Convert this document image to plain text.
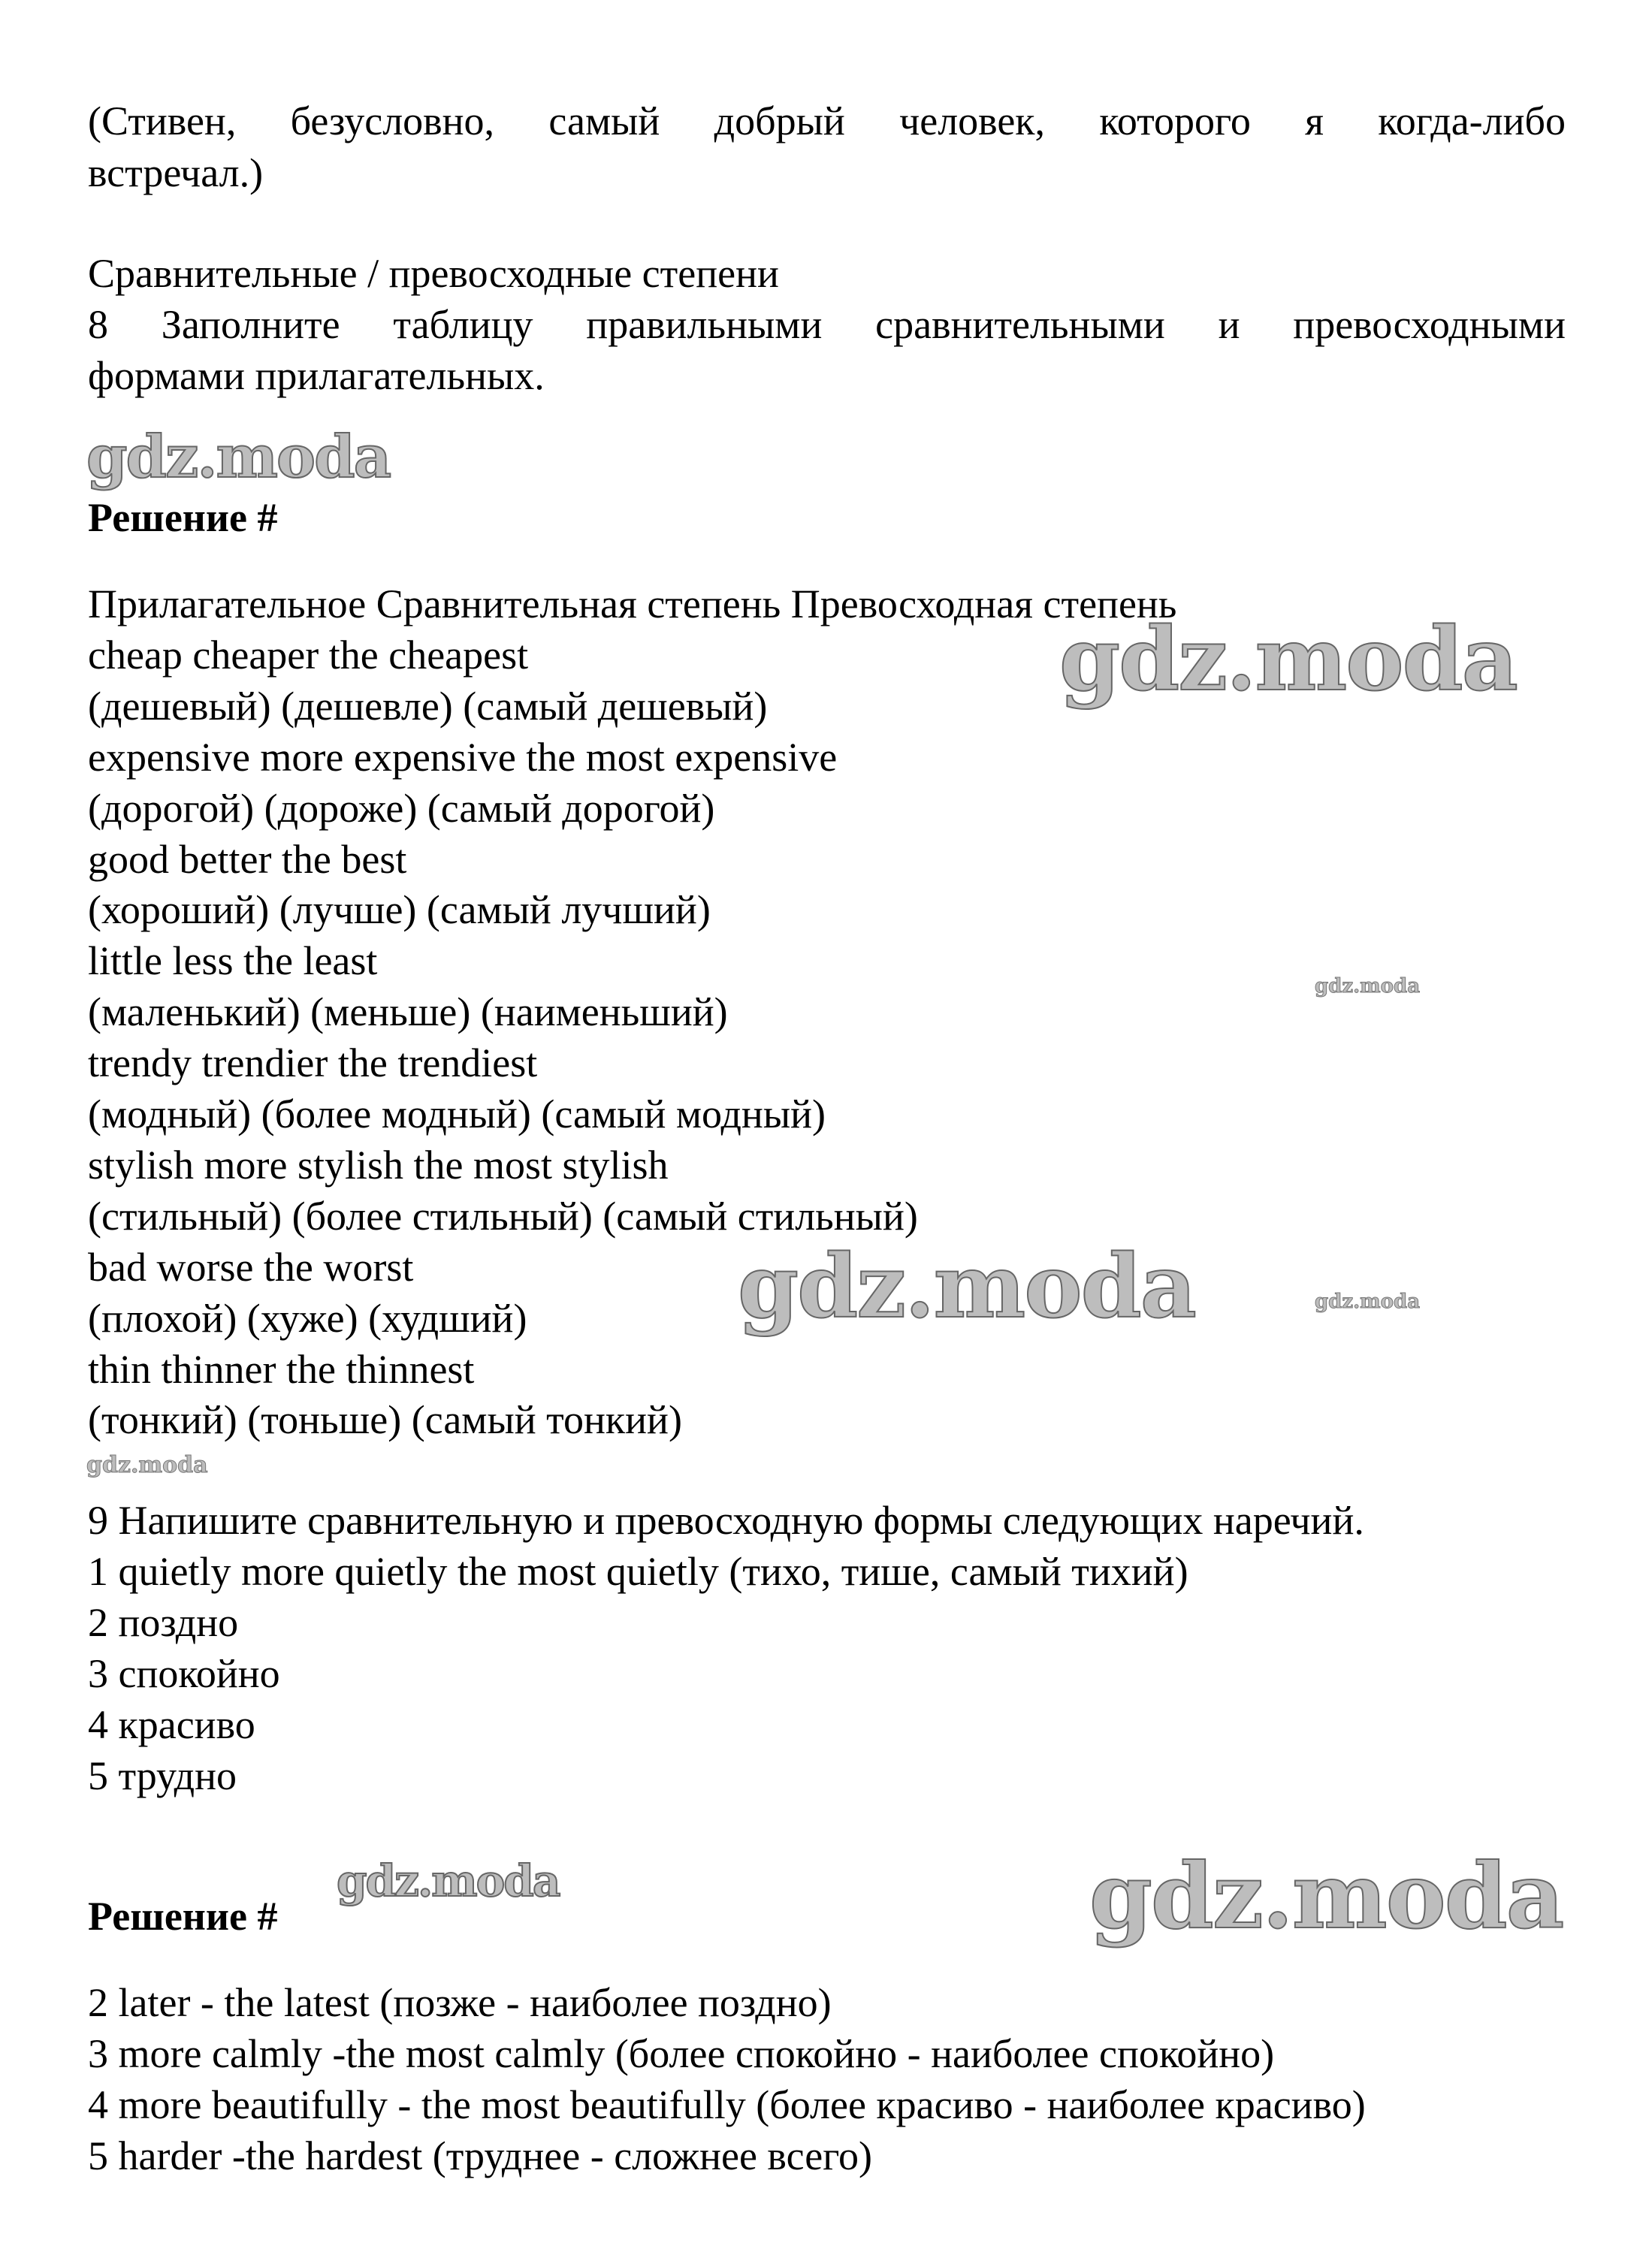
(Стивен, безусловно, самый добрый человек, которого я когда-либо
встречал.)
Сравнительные / превосходные степени
8 Заполните таблицу правильными сравнительными и превосходными
формами прилагательных.
gdz.moda
Решение #
Прилагательное Сравнительная степень Превосходная степень
cheap cheaper the cheapest
(дешевый) (дешевле) (самый дешевый)
expensive more expensive the most expensive
(дорогой) (дороже) (самый дорогой)
good better the best
(хороший) (лучше) (самый лучший)
little less the least
(маленький) (меньше) (наименьший)
trendy trendier the trendiest
(модный) (более модный) (самый модный)
stylish more stylish the most stylish
(стильный) (более стильный) (самый стильный)
bad worse the worst
(плохой) (хуже) (худший)
thin thinner the thinnest
(тонкий) (тоньше) (самый тонкий)
9 Напишите сравнительную и превосходную формы следующих наречий.
1 quietly more quietly the most quietly (тихо, тише, самый тихий)
2 поздно
3 спокойно
4 красиво
5 трудно
Решение #
2 later - the latest (позже - наиболее поздно)
3 more calmly -the most calmly (более спокойно - наиболее спокойно)
4 more beautifully - the most beautifully (более красиво - наиболее красиво)
5 harder -the hardest (труднее - сложнее всего)
gdz.moda
gdz.moda
gdz.moda
gdz.moda
gdz.moda
gdz.moda
gdz.moda
